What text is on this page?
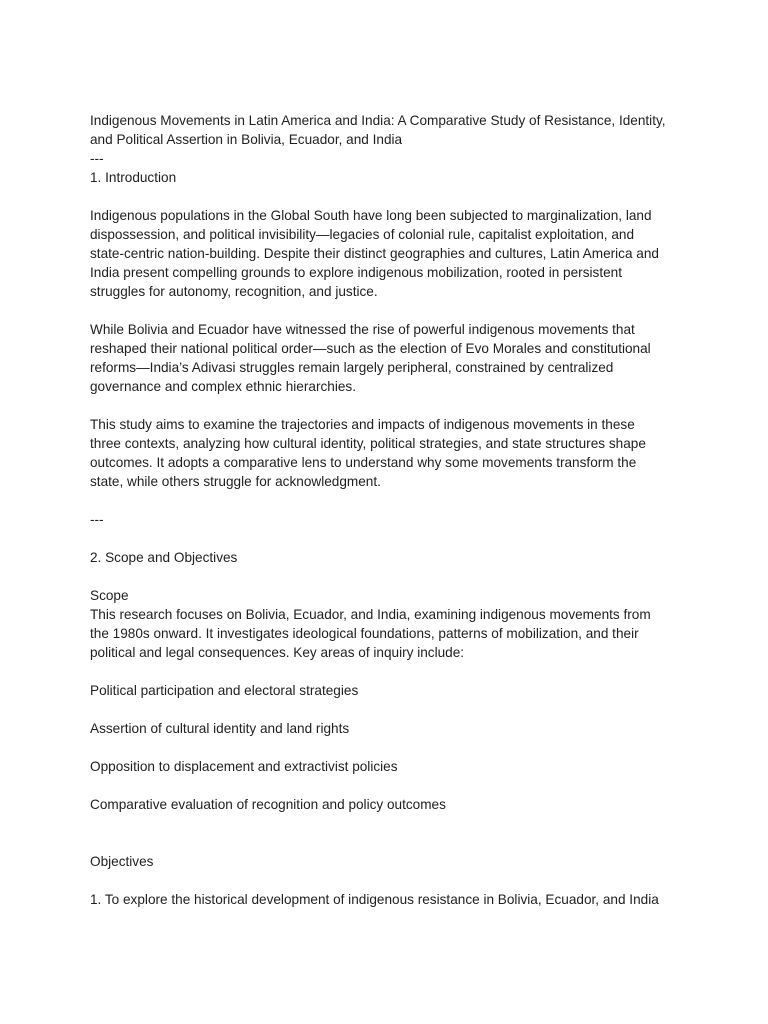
Indigenous Movements in Latin America and India: A Comparative Study of Resistance, Identity,
and Political Assertion in Bolivia, Ecuador, and India
---
1. Introduction
Indigenous populations in the Global South have long been subjected to marginalization, land
dispossession, and political invisibility—legacies of colonial rule, capitalist exploitation, and
state-centric nation-building. Despite their distinct geographies and cultures, Latin America and
India present compelling grounds to explore indigenous mobilization, rooted in persistent
struggles for autonomy, recognition, and justice.
While Bolivia and Ecuador have witnessed the rise of powerful indigenous movements that
reshaped their national political order—such as the election of Evo Morales and constitutional
reforms—India’s Adivasi struggles remain largely peripheral, constrained by centralized
governance and complex ethnic hierarchies.
This study aims to examine the trajectories and impacts of indigenous movements in these
three contexts, analyzing how cultural identity, political strategies, and state structures shape
outcomes. It adopts a comparative lens to understand why some movements transform the
state, while others struggle for acknowledgment.
---
2. Scope and Objectives
Scope
This research focuses on Bolivia, Ecuador, and India, examining indigenous movements from
the 1980s onward. It investigates ideological foundations, patterns of mobilization, and their
political and legal consequences. Key areas of inquiry include:
Political participation and electoral strategies
Assertion of cultural identity and land rights
Opposition to displacement and extractivist policies
Comparative evaluation of recognition and policy outcomes
Objectives
1. To explore the historical development of indigenous resistance in Bolivia, Ecuador, and India
